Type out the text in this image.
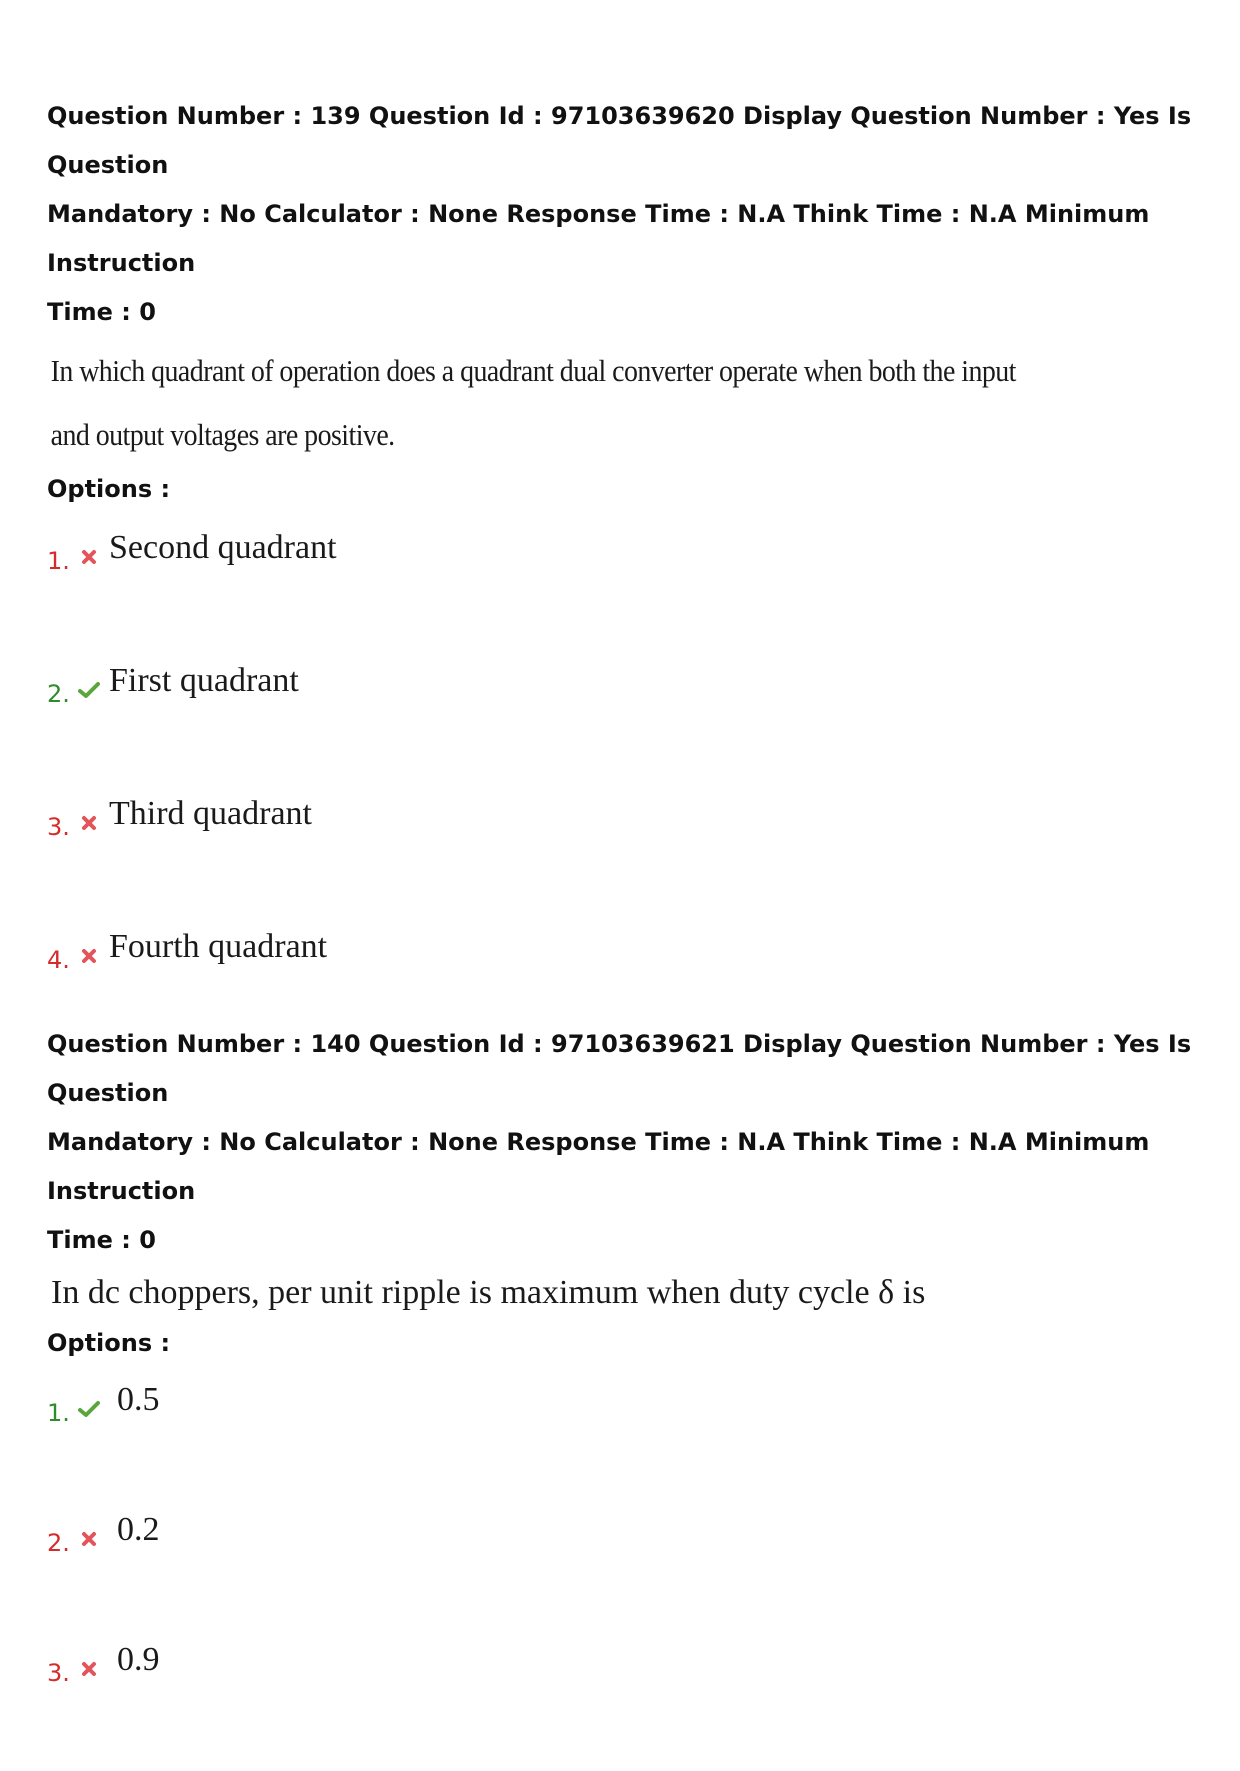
Question Number : 139 Question Id : 97103639620 Display Question Number : Yes Is Question

Mandatory : No Calculator : None Response Time : N.A Think Time : N.A Minimum Instruction

Time : 0

In which quadrant of operation does a quadrant dual converter operate when both the input

and output voltages are positive.

Options :

1. Second quadrant
2. First quadrant
3. Third quadrant
4. Fourth quadrant

Question Number : 140 Question Id : 97103639621 Display Question Number : Yes Is Question

Mandatory : No Calculator : None Response Time : N.A Think Time : N.A Minimum Instruction

Time : 0

In dc choppers, per unit ripple is maximum when duty cycle δ is

Options :

1. 0.5
2. 0.2
3. 0.9
